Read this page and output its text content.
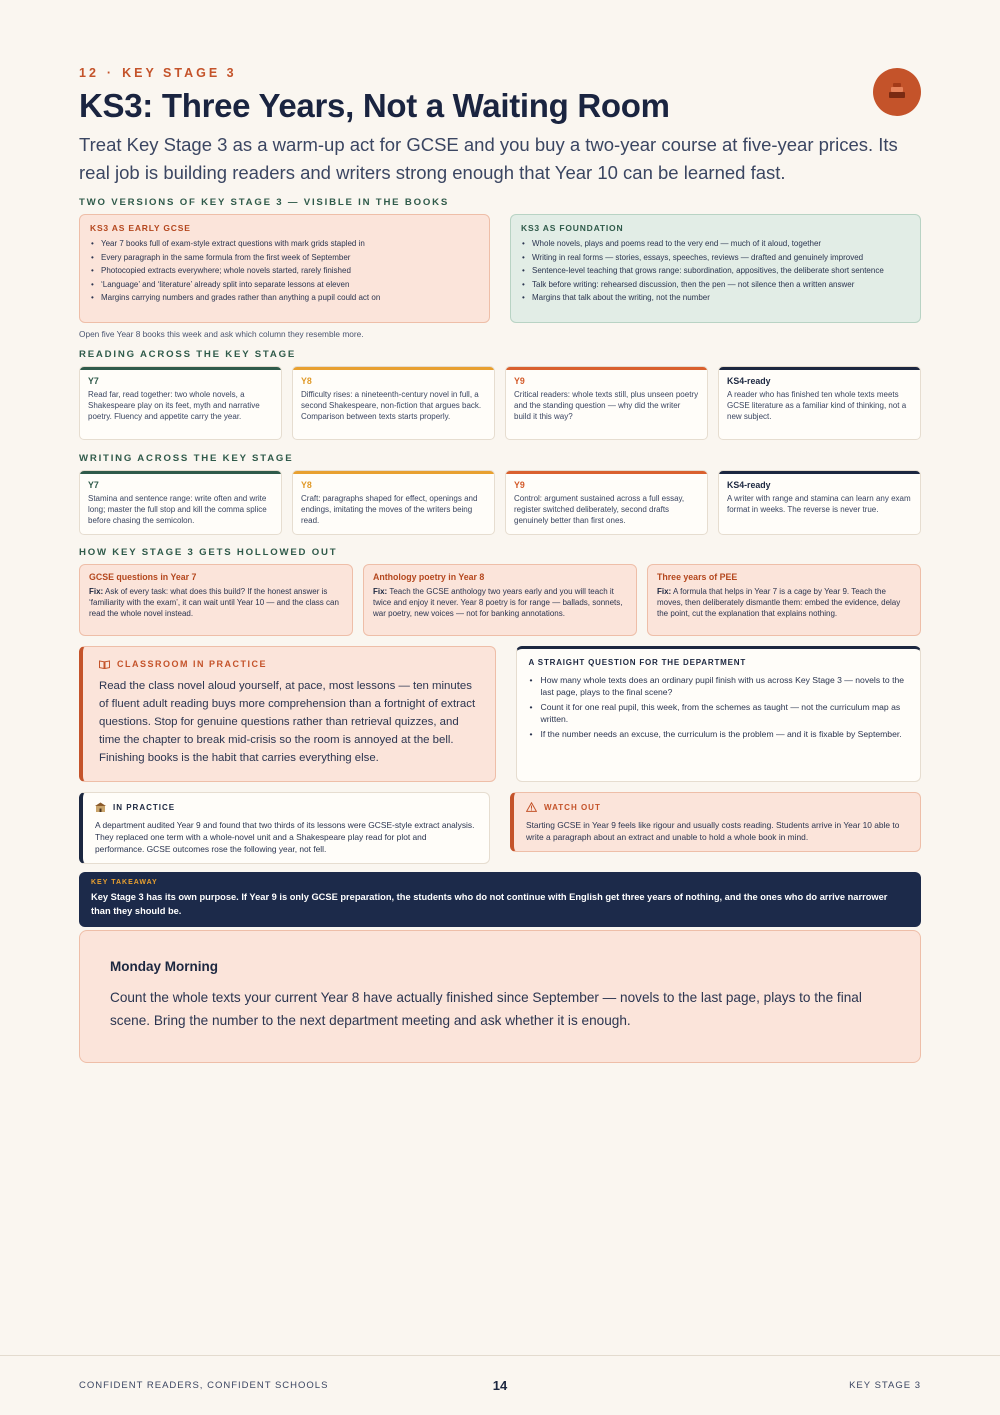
12 · KEY STAGE 3
KS3: Three Years, Not a Waiting Room

Treat Key Stage 3 as a warm-up act for GCSE and you buy a two-year course at five-year prices. Its real job is building readers and writers strong enough that Year 10 can be learned fast.

TWO VERSIONS OF KEY STAGE 3 — VISIBLE IN THE BOOKS
KS3 AS EARLY GCSE
• Year 7 books full of exam-style extract questions with mark grids stapled in
• Every paragraph in the same formula from the first week of September
• Photocopied extracts everywhere; whole novels started, rarely finished
• ‘Language’ and ‘literature’ already split into separate lessons at eleven
• Margins carrying numbers and grades rather than anything a pupil could act on
KS3 AS FOUNDATION
• Whole novels, plays and poems read to the very end — much of it aloud, together
• Writing in real forms — stories, essays, speeches, reviews — drafted and genuinely improved
• Sentence-level teaching that grows range: subordination, appositives, the deliberate short sentence
• Talk before writing: rehearsed discussion, then the pen — not silence then a written answer
• Margins that talk about the writing, not the number

Open five Year 8 books this week and ask which column they resemble more.

READING ACROSS THE KEY STAGE
Y7

Read far, read together: two whole novels, a Shakespeare play on its feet, myth and narrative poetry. Fluency and appetite carry the year.

Y8

Difficulty rises: a nineteenth-century novel in full, a second Shakespeare, non-fiction that argues back. Comparison between texts starts properly.

Y9

Critical readers: whole texts still, plus unseen poetry and the standing question — why did the writer build it this way?

KS4-ready

A reader who has finished ten whole texts meets GCSE literature as a familiar kind of thinking, not a new subject.

WRITING ACROSS THE KEY STAGE
Y7

Stamina and sentence range: write often and write long; master the full stop and kill the comma splice before chasing the semicolon.

Y8

Craft: paragraphs shaped for effect, openings and endings, imitating the moves of the writers being read.

Y9

Control: argument sustained across a full essay, register switched deliberately, second drafts genuinely better than first ones.

KS4-ready

A writer with range and stamina can learn any exam format in weeks. The reverse is never true.

HOW KEY STAGE 3 GETS HOLLOWED OUT
GCSE questions in Year 7

Fix: Ask of every task: what does this build? If the honest answer is ‘familiarity with the exam’, it can wait until Year 10 — and the class can read the whole novel instead.

Anthology poetry in Year 8

Fix: Teach the GCSE anthology two years early and you will teach it twice and enjoy it never. Year 8 poetry is for range — ballads, sonnets, war poetry, new voices — not for banking annotations.

Three years of PEE

Fix: A formula that helps in Year 7 is a cage by Year 9. Teach the moves, then deliberately dismantle them: embed the evidence, delay the point, cut the explanation that explains nothing.

CLASSROOM IN PRACTICE

Read the class novel aloud yourself, at pace, most lessons — ten minutes of fluent adult reading buys more comprehension than a fortnight of extract questions. Stop for genuine questions rather than retrieval quizzes, and time the chapter to break mid-crisis so the room is annoyed at the bell. Finishing books is the habit that carries everything else.

A STRAIGHT QUESTION FOR THE DEPARTMENT
• How many whole texts does an ordinary pupil finish with us across Key Stage 3 — novels to the last page, plays to the final scene?
• Count it for one real pupil, this week, from the schemes as taught — not the curriculum map as written.
• If the number needs an excuse, the curriculum is the problem — and it is fixable by September.
IN PRACTICE

A department audited Year 9 and found that two thirds of its lessons were GCSE-style extract analysis. They replaced one term with a whole-novel unit and a Shakespeare play read for plot and performance. GCSE outcomes rose the following year, not fell.

WATCH OUT

Starting GCSE in Year 9 feels like rigour and usually costs reading. Students arrive in Year 10 able to write a paragraph about an extract and unable to hold a whole book in mind.

KEY TAKEAWAY

Key Stage 3 has its own purpose. If Year 9 is only GCSE preparation, the students who do not continue with English get three years of nothing, and the ones who do arrive narrower than they should be.

Monday Morning

Count the whole texts your current Year 8 have actually finished since September — novels to the last page, plays to the final scene. Bring the number to the next department meeting and ask whether it is enough.

CONFIDENT READERS, CONFIDENT SCHOOLS	14	KEY STAGE 3
